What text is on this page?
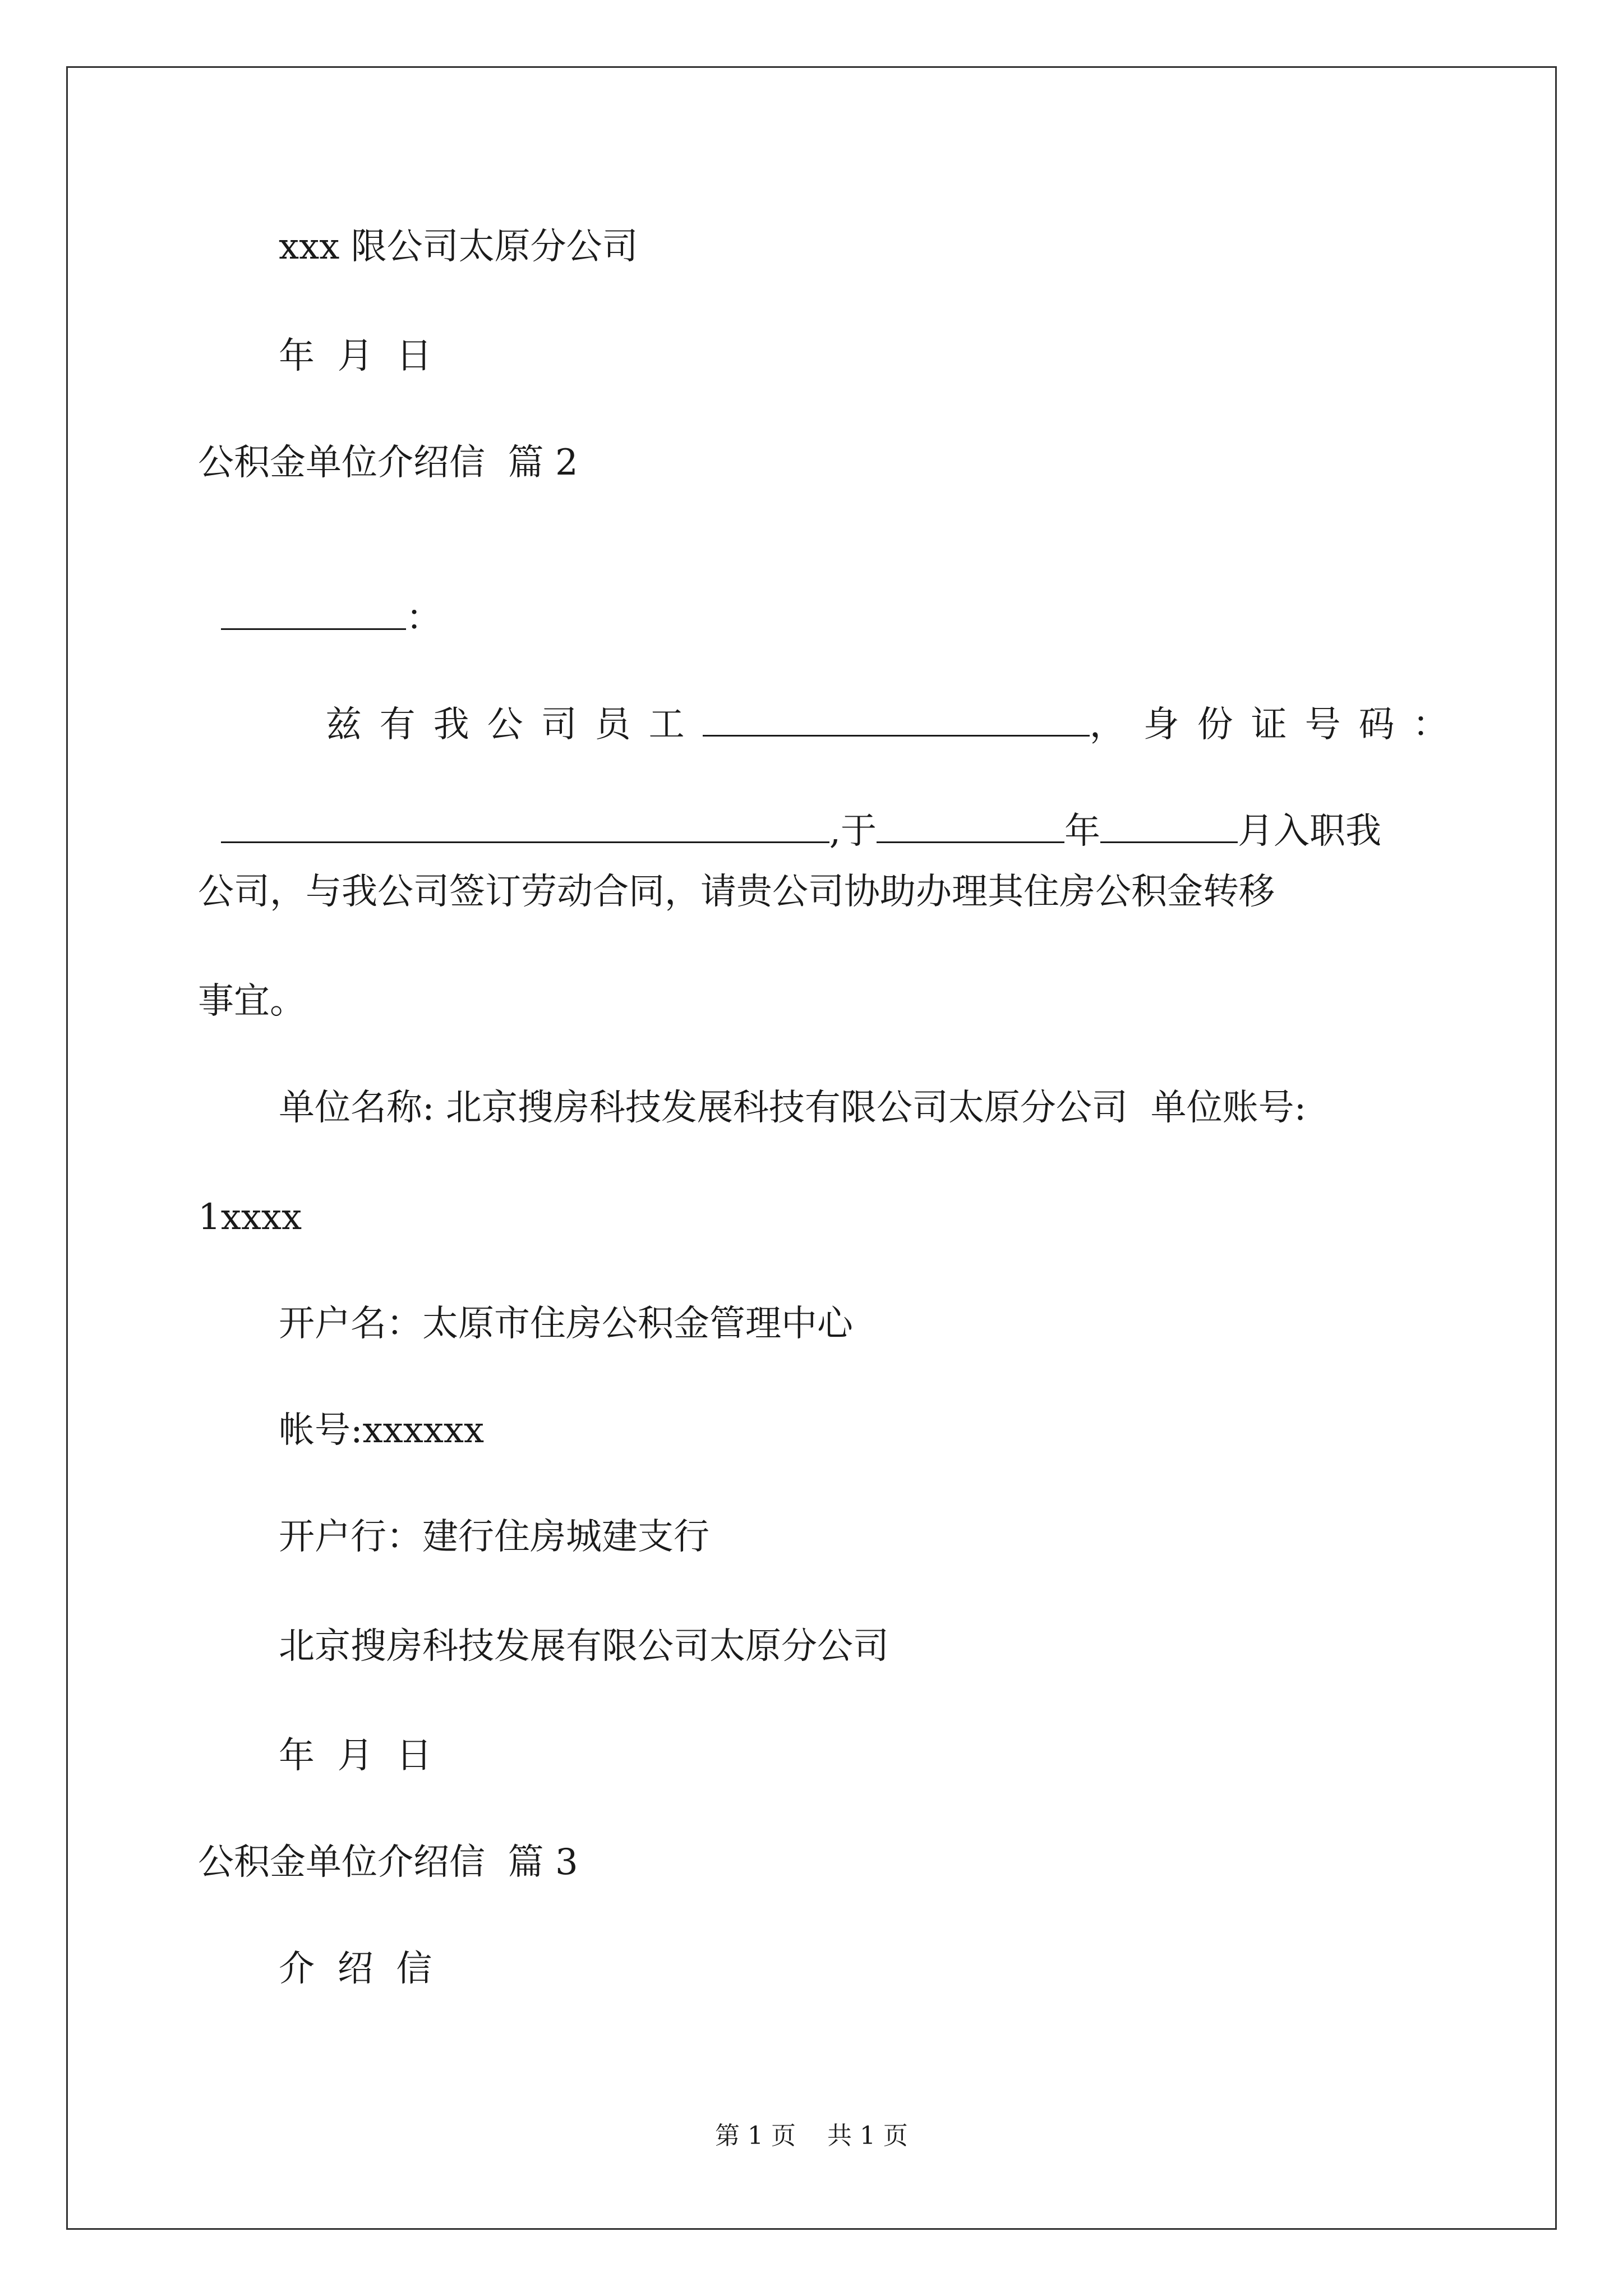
xxx 限公司太原分公司

年  月  日

公积金单位介绍信  篇 2

：

兹有我公司员工	，身份证号码：

,于	年	月入职我

公司，与我公司签订劳动合同，请贵公司协助办理其住房公积金转移

事宜。

单位名称: 北京搜房科技发展科技有限公司太原分公司  单位账号:

1xxxx

开户名：太原市住房公积金管理中心

帐号:xxxxxx

开户行：建行住房城建支行

北京搜房科技发展有限公司太原分公司

年  月  日

公积金单位介绍信  篇 3

介  绍  信

第 1 页    共 1 页
